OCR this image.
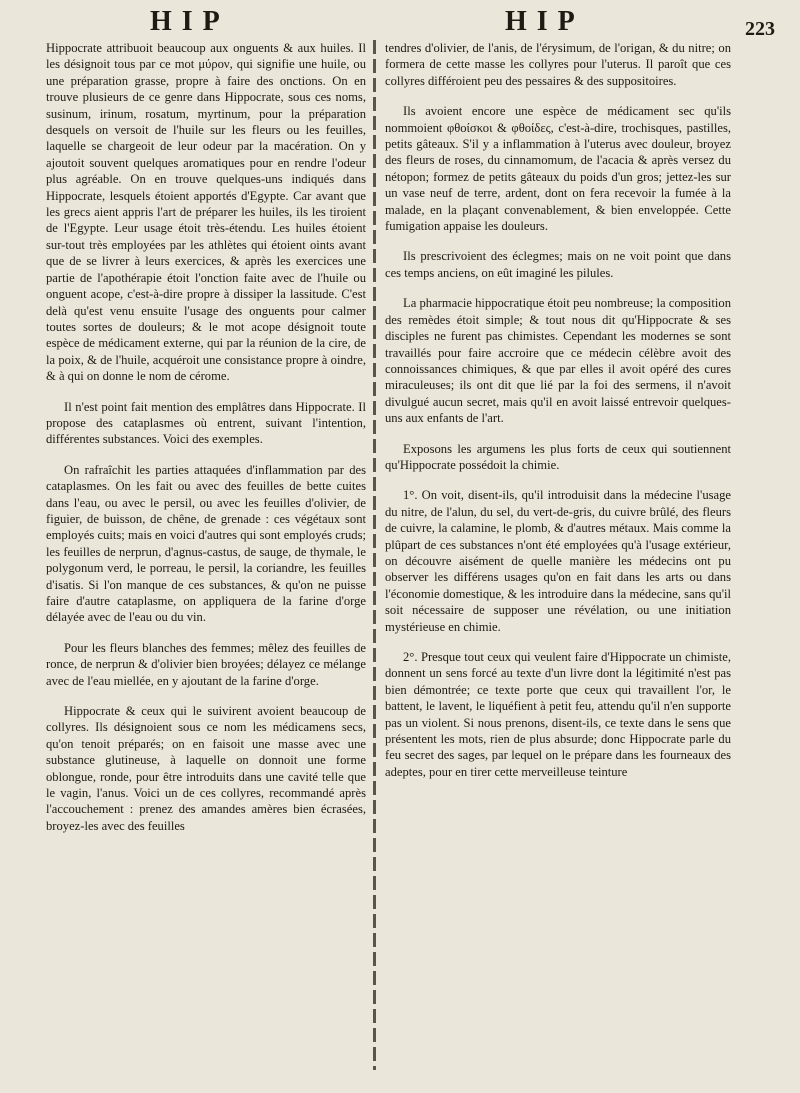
HIP	HIP	223

Hippocrate attribuoit beaucoup aux onguents & aux huiles. Il les désignoit tous par ce mot μύρον, qui signifie une huile, ou une préparation grasse, propre à faire des onctions. On en trouve plusieurs de ce genre dans Hippocrate, sous ces noms, susinum, irinum, rosatum, myrtinum, pour la préparation desquels on versoit de l'huile sur les fleurs ou les feuilles, laquelle se chargeoit de leur odeur par la macération. On y ajoutoit souvent quelques aromatiques pour en rendre l'odeur plus agréable. On en trouve quelques-uns indiqués dans Hippocrate, lesquels étoient apportés d'Egypte. Car avant que les grecs aient appris l'art de préparer les huiles, ils les tiroient de l'Egypte. Leur usage étoit très-étendu. Les huiles étoient sur-tout très employées par les athlètes qui étoient oints avant que de se livrer à leurs exercices, & après les exercices une partie de l'apothérapie étoit l'onction faite avec de l'huile ou onguent acope, c'est-à-dire propre à dissiper la lassitude. C'est delà qu'est venu ensuite l'usage des onguents pour calmer toutes sortes de douleurs; & le mot acope désignoit toute espèce de médicament externe, qui par la réunion de la cire, de la poix, & de l'huile, acquéroit une consistance propre à oindre, & à qui on donne le nom de cérome.

Il n'est point fait mention des emplâtres dans Hippocrate. Il propose des cataplasmes où entrent, suivant l'intention, différentes substances. Voici des exemples.

On rafraîchit les parties attaquées d'inflammation par des cataplasmes. On les fait ou avec des feuilles de bette cuites dans l'eau, ou avec le persil, ou avec les feuilles d'olivier, de figuier, de buisson, de chêne, de grenade : ces végétaux sont employés cuits; mais en voici d'autres qui sont employés cruds; les feuilles de nerprun, d'agnus-castus, de sauge, de thymale, le polygonum verd, le porreau, le persil, la coriandre, les feuilles d'isatis. Si l'on manque de ces substances, & qu'on ne puisse faire d'autre cataplasme, on appliquera de la farine d'orge délayée avec de l'eau ou du vin.

Pour les fleurs blanches des femmes; mêlez des feuilles de ronce, de nerprun & d'olivier bien broyées; délayez ce mélange avec de l'eau miellée, en y ajoutant de la farine d'orge.

Hippocrate & ceux qui le suivirent avoient beaucoup de collyres. Ils désignoient sous ce nom les médicamens secs, qu'on tenoit préparés; on en faisoit une masse avec une substance glutineuse, à laquelle on donnoit une forme oblongue, ronde, pour être introduits dans une cavité telle que le vagin, l'anus. Voici un de ces collyres, recommandé après l'accouchement : prenez des amandes amères bien écrasées, broyez-les avec des feuilles

tendres d'olivier, de l'anis, de l'érysimum, de l'origan, & du nitre; on formera de cette masse les collyres pour l'uterus. Il paroît que ces collyres différoient peu des pessaires & des suppositoires.

Ils avoient encore une espèce de médicament sec qu'ils nommoient φθοίσκοι & φθοίδες, c'est-à-dire, trochisques, pastilles, petits gâteaux. S'il y a inflammation à l'uterus avec douleur, broyez des fleurs de roses, du cinnamomum, de l'acacia & après versez du nétopon; formez de petits gâteaux du poids d'un gros; jettez-les sur un vase neuf de terre, ardent, dont on fera recevoir la fumée à la malade, en la plaçant convenablement, & bien enveloppée. Cette fumigation appaise les douleurs.

Ils prescrivoient des éclegmes; mais on ne voit point que dans ces temps anciens, on eût imaginé les pilules.

La pharmacie hippocratique étoit peu nombreuse; la composition des remèdes étoit simple; & tout nous dit qu'Hippocrate & ses disciples ne furent pas chimistes. Cependant les modernes se sont travaillés pour faire accroire que ce médecin célèbre avoit des connoissances chimiques, & que par elles il avoit opéré des cures miraculeuses; ils ont dit que lié par la foi des sermens, il n'avoit divulgué aucun secret, mais qu'il en avoit laissé entrevoir quelques-uns aux enfants de l'art.

Exposons les argumens les plus forts de ceux qui soutiennent qu'Hippocrate possédoit la chimie.

1°. On voit, disent-ils, qu'il introduisit dans la médecine l'usage du nitre, de l'alun, du sel, du vert-de-gris, du cuivre brûlé, des fleurs de cuivre, la calamine, le plomb, & d'autres métaux. Mais comme la plûpart de ces substances n'ont été employées qu'à l'usage extérieur, on découvre aisément de quelle manière les médecins ont pu observer les différens usages qu'on en fait dans les arts ou dans l'économie domestique, & les introduire dans la médecine, sans qu'il soit nécessaire de supposer une révélation, ou une initiation mystérieuse en chimie.

2°. Presque tout ceux qui veulent faire d'Hippocrate un chimiste, donnent un sens forcé au texte d'un livre dont la légitimité n'est pas bien démontrée; ce texte porte que ceux qui travaillent l'or, le battent, le lavent, le liquéfient à petit feu, attendu qu'il n'en supporte pas un violent. Si nous prenons, disent-ils, ce texte dans le sens que présentent les mots, rien de plus absurde; donc Hippocrate parle du feu secret des sages, par lequel on le prépare dans les fourneaux des adeptes, pour en tirer cette merveilleuse teinture
